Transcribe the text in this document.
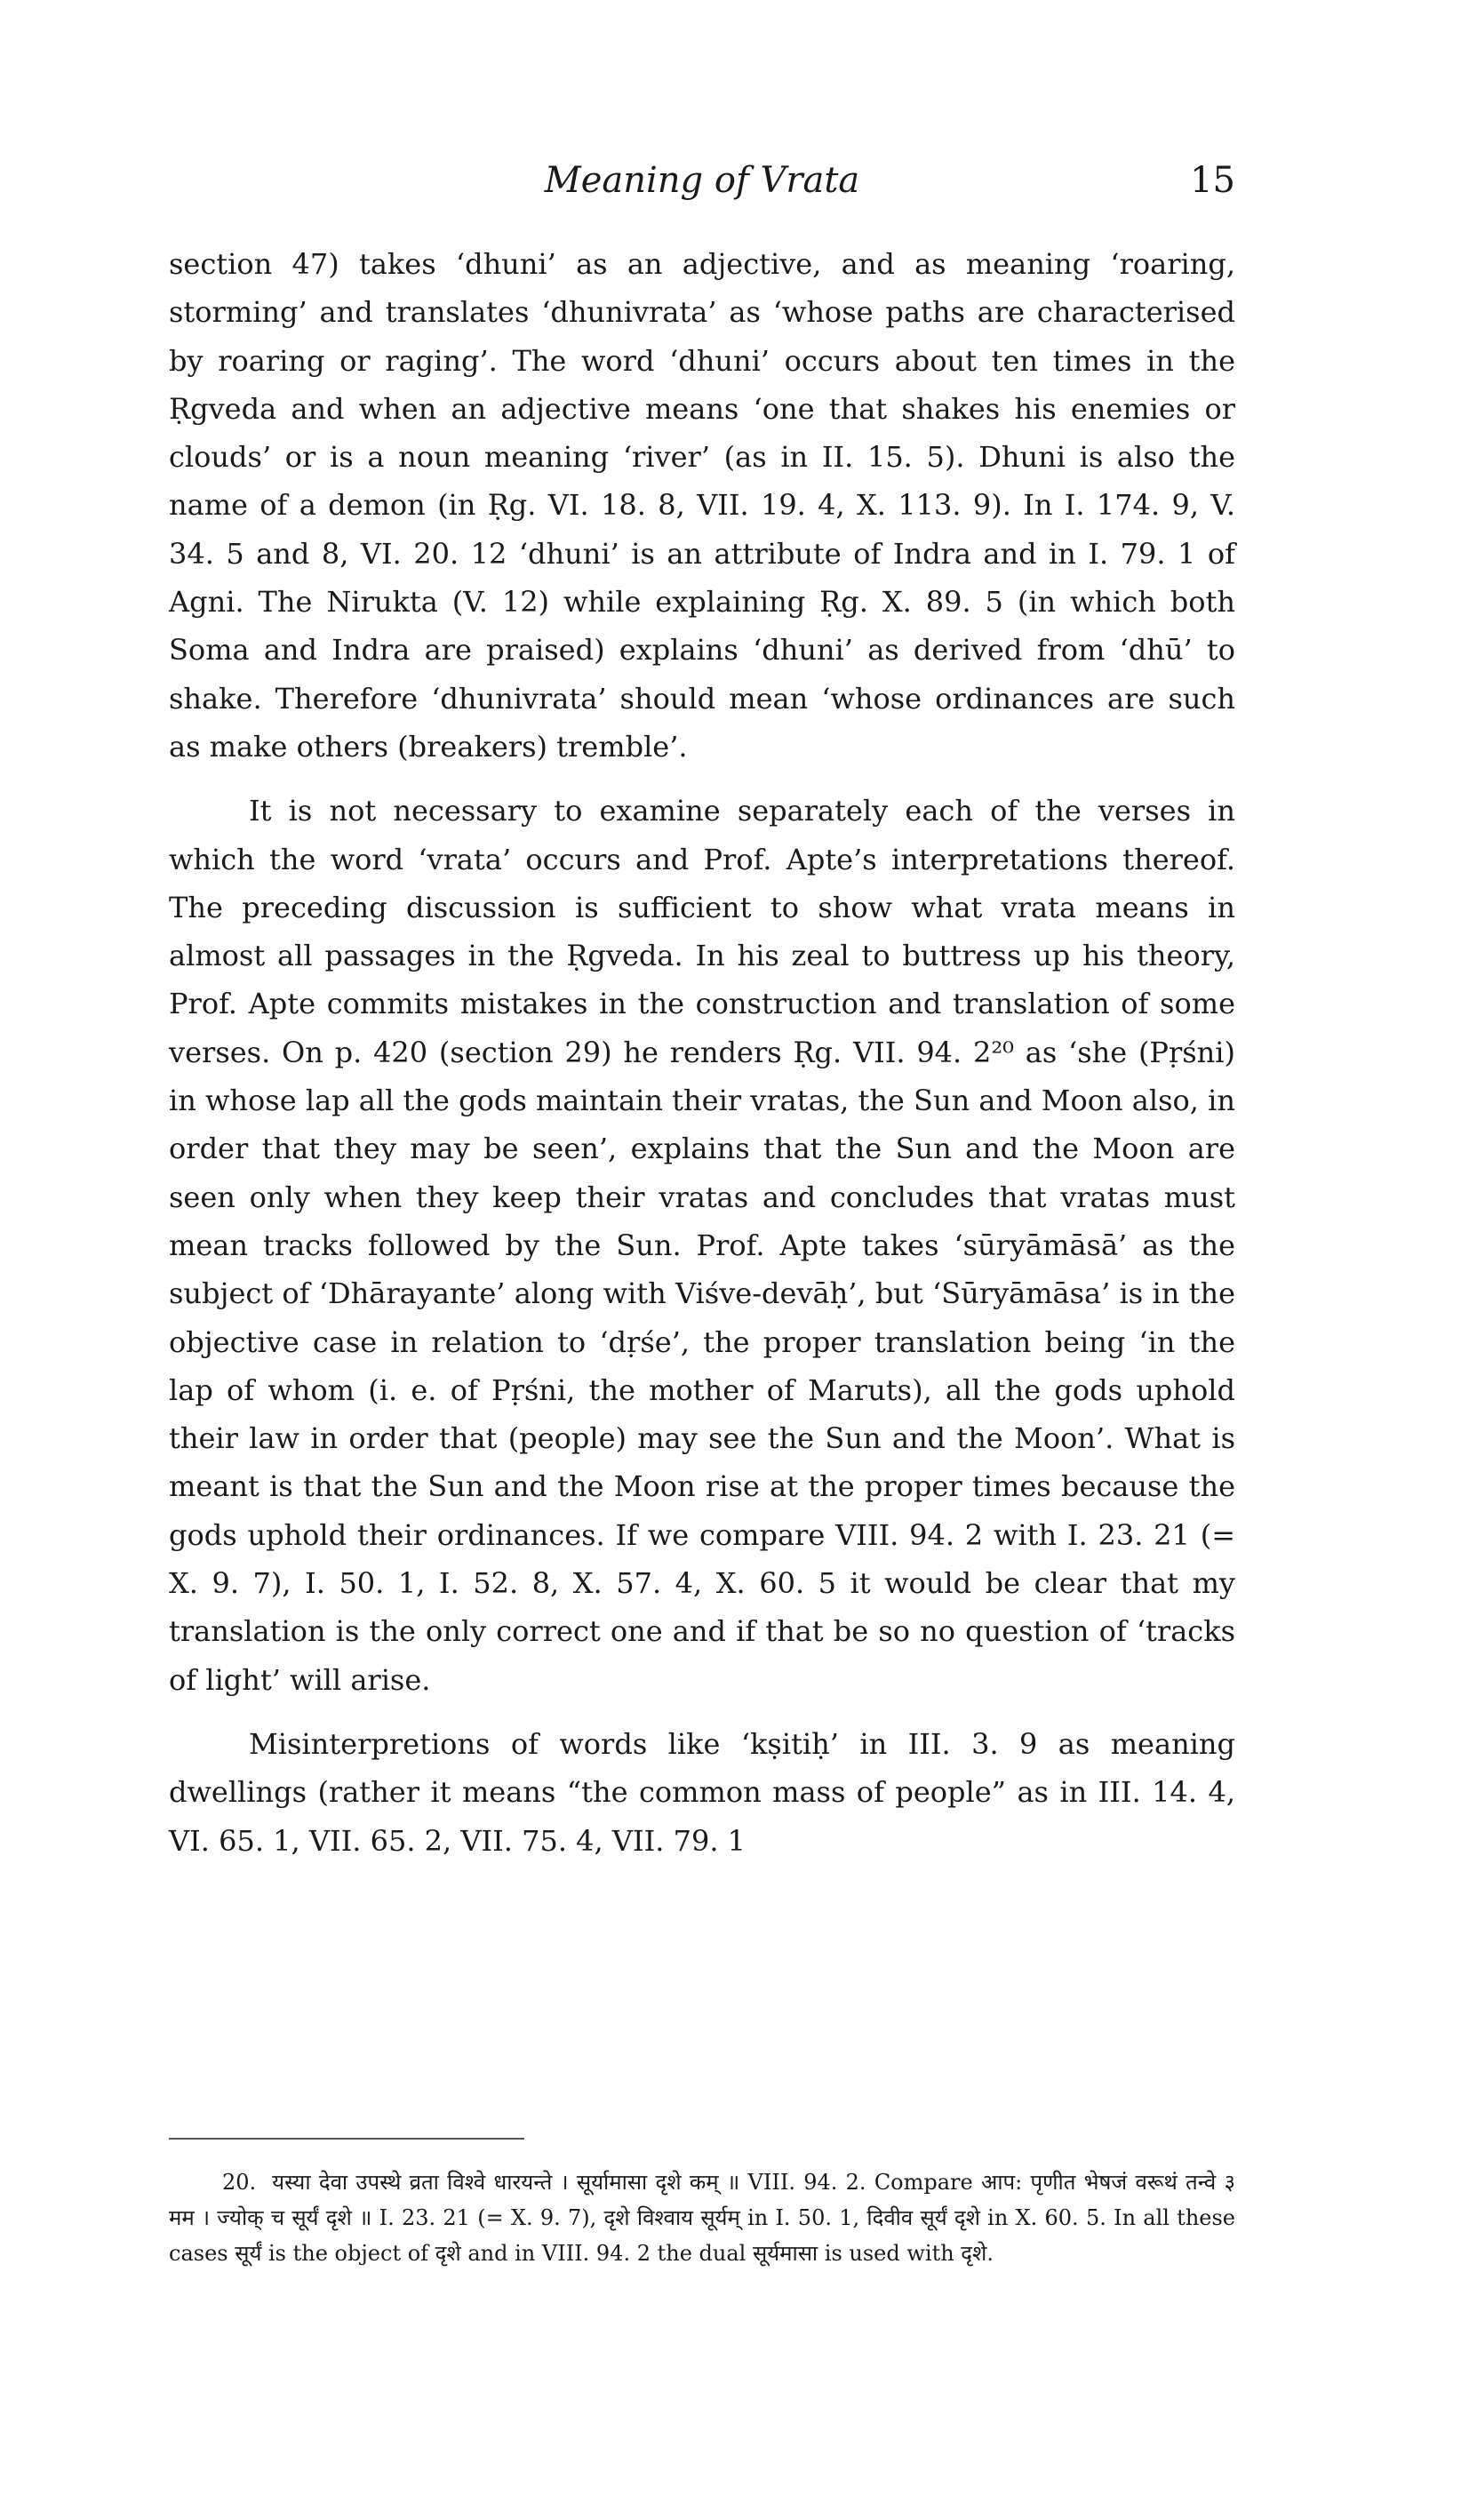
Meaning of Vrata	15

section 47) takes ‘dhuni’ as an adjective, and as meaning ‘roaring, storming’ and translates ‘dhunivrata’ as ‘whose paths are characterised by roaring or raging’. The word ‘dhuni’ occurs about ten times in the Ṛgveda and when an adjective means ‘one that shakes his enemies or clouds’ or is a noun meaning ‘river’ (as in II. 15. 5). Dhuni is also the name of a demon (in Ṛg. VI. 18. 8, VII. 19. 4, X. 113. 9). In I. 174. 9, V. 34. 5 and 8, VI. 20. 12 ‘dhuni’ is an attribute of Indra and in I. 79. 1 of Agni. The Nirukta (V. 12) while explaining Ṛg. X. 89. 5 (in which both Soma and Indra are praised) explains ‘dhuni’ as derived from ‘dhū’ to shake. Therefore ‘dhunivrata’ should mean ‘whose ordinances are such as make others (breakers) tremble’.

It is not necessary to examine separately each of the verses in which the word ‘vrata’ occurs and Prof. Apte’s interpretations thereof. The preceding discussion is sufficient to show what vrata means in almost all passages in the Ṛgveda. In his zeal to buttress up his theory, Prof. Apte commits mistakes in the construction and translation of some verses. On p. 420 (section 29) he renders Ṛg. VII. 94. 2²⁰ as ‘she (Pṛśni) in whose lap all the gods maintain their vratas, the Sun and Moon also, in order that they may be seen’, explains that the Sun and the Moon are seen only when they keep their vratas and concludes that vratas must mean tracks followed by the Sun. Prof. Apte takes ‘sūryāmāsā’ as the subject of ‘Dhārayante’ along with Viśve-devāḥ’, but ‘Sūryāmāsa’ is in the objective case in relation to ‘dṛśe’, the proper translation being ‘in the lap of whom (i. e. of Pṛśni, the mother of Maruts), all the gods uphold their law in order that (people) may see the Sun and the Moon’. What is meant is that the Sun and the Moon rise at the proper times because the gods uphold their ordinances. If we compare VIII. 94. 2 with I. 23. 21 (= X. 9. 7), I. 50. 1, I. 52. 8, X. 57. 4, X. 60. 5 it would be clear that my translation is the only correct one and if that be so no question of ‘tracks of light’ will arise.

Misinterpretions of words like ‘kṣitiḥ’ in III. 3. 9 as meaning dwellings (rather it means “the common mass of people” as in III. 14. 4, VI. 65. 1, VII. 65. 2, VII. 75. 4, VII. 79. 1

20. यस्या देवा उपस्थे व्रता विश्वे धारयन्ते । सूर्यामासा दृशे कम् ॥ VIII. 94. 2. Compare आप: पृणीत भेषजं वरूथं तन्वे ३ मम । ज्योक् च सूर्यं दृशे ॥ I. 23. 21 (= X. 9. 7), दृशे विश्वाय सूर्यम् in I. 50. 1, दिवीव सूर्यं दृशे in X. 60. 5. In all these cases सूर्यं is the object of दृशे and in VIII. 94. 2 the dual सूर्यमासा is used with दृशे.
